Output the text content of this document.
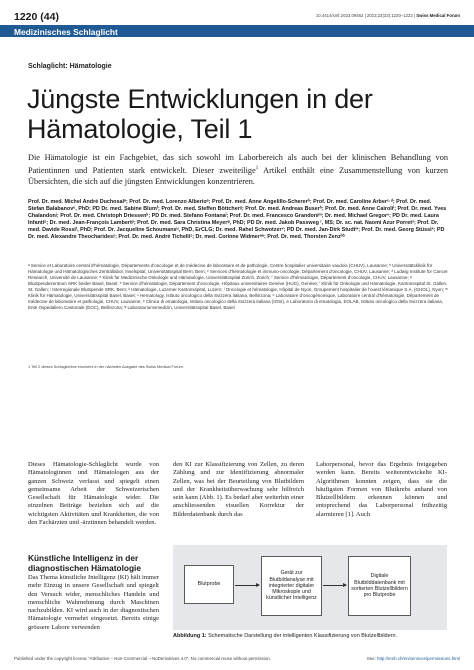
1220 (44)	10.4414/smf.2023.09462 | 2023;23(33):1220–1223 | Swiss Medical Forum
Medizinisches Schlaglicht
Schlaglicht: Hämatologie
Jüngste Entwicklungen in der Hämatologie, Teil 1

Die Hämatologie ist ein Fachgebiet, das sich sowohl im Laborbereich als auch bei der klinischen Behandlung von Patientinnen und Patienten stark entwickelt. Dieser zweiteilige$^1$ Artikel enthält eine Zusammenstellung von kurzen Übersichten, die sich auf die jüngsten Entwicklungen konzentrieren.

Prof. Dr. med. Michel André Duchosalᵃ; Prof. Dr. med. Lorenzo Alberioᵃ; Prof. Dr. med. Anne Angelillo-Schererᵇ; Prof. Dr. med. Caroline Arberᶜ·ᵈ; Prof. Dr. med. Stefan Balabanovᵉ, PhD; PD Dr. med. Sabine Blumᶠ; Prof. Dr. med. Steffen Böttcherᵍ; Prof. Dr. med. Andreas Buserʰ; Prof. Dr. med. Anne Cairoliⁱ; Prof. Dr. med. Yves Chalandonʲ; Prof. Dr. med. Christoph Driessenᵏ; PD Dr. med. Stefano Fontanaˡ; Prof. Dr. med. Francesco Grandoniᵐ; Dr. med. Michael Gregorⁿ; PD Dr. med. Laura Infantiᵒ; Dr. med. Jean-François Lambertᵖ; Prof. Dr. med. Sara Christina Meyerᵠ, PhD; PD Dr. med. Jakob Passweg ʳ, MS; Dr. sc. nat. Naomi Azur Porretˢ; Prof. Dr. med. Davide Rossiᵗ, PhD; Prof. Dr. Jacqueline Schoumansᵘ, PhD, ErCLG; Dr. med. Rahel Schwotzerᵛ; PD Dr. med. Jan-Dirk Studtʷ; Prof. Dr. med. Georg Stüssiˣ; PD Dr. med. Alexandre Theocharidesʸ; Prof. Dr. med. André Tichelliᶻ; Dr. med. Corinne Widmerᵃᵃ; Prof. Dr. med. Thorsten Zenzᵇᵇ

ᵃ Service et Laboratoire central d'hématologie, Départements d'oncologie et de médecine de laboratoire et de pathologie, Centre hospitalier universitaire vaudois (CHUV), Lausanne; ᵇ Universitätsklinik für Hämatologie und Hämatologisches Zentrallabor, Inselspital, Universitätsspital Bern, Bern; ᶜ Services d'hématologie et immuno-oncologie, Département d'oncologie, CHUV, Lausanne; ᵈ Ludwig Institute for Cancer Research, Université de Lausanne; ᵉ Klinik für Medizinische Onkologie und Hämatologie, Universitätsspital Zürich, Zürich; ᶠ Service d'hématologie, Département d'oncologie, CHUV, Lausanne; ᵍ Blutspendezentrum SRK beider Basel, Basel; ʰ Service d'hématologie, Département d'oncologie, Hôpitaux universitaires Genève (HUG), Genève; ⁱ Klinik für Onkologie und Hämatologie, Kantonsspital St. Gallen, St. Gallen; ʲ Interregionale Blutspende SRK, Bern; ᵏ Hämatologie, Luzerner Kantonsspital, Luzern; ˡ Oncologie et hématologie, Hôpital de Nyon, Groupement hospitalier de l'ouest lémanique S.A. (GHOL), Nyon; ᵐ Klinik für Hämatologie, Universitätsspital Basel, Basel; ⁿ Hematology, Istituto oncologico della Svizzera italiana, Bellinzona; ᵒ Laboratoire d'oncogénomique, Laboratoire central d'hématologie, Département de médecine de laboratoire et pathologie, CHUV, Lausanne; ᵖ Clinica di ematologia, Istituto oncologico della Svizzera italiana (IOSI), e Laboratorio di ematologia, EOLAB, Istituto oncologico della Svizzera italiana, Ente Ospedaliero Cantonale (EOC), Bellinzona; ᵠ Laboratoriumsmedizin, Universitätsspital Basel, Basel

1 Teil 2 dieses Schlaglichtes erscheint in der nächsten Ausgabe des Swiss Medical Forum.

Dieses Hämatologie-Schlaglicht wurde von Hämatologinnen und Hämatologen aus der ganzen Schweiz verfasst und spiegelt einen gemeinsame Arbeit der Schweizerischen Gesellschaft für Hämatologie wider. Die einzelnen Beiträge beziehen sich auf die wichtigsten Aktivitäten und Krankheiten, die von den Fachärzten und -ärztinnen behandelt werden.

Künstliche Intelligenz in der diagnostischen Hämatologie

Das Thema künstliche Intelligenz (KI) hält immer mehr Einzug in unsere Gesellschaft und spiegelt den Versuch wider, menschliches Handeln und menschliche Wahrnehmung durch Maschinen nachzubilden. KI wird auch in der diagnostischen Hämatologie vermehrt eingesetzt. Bereits einige grössere Labore verwenden

den KI zur Klassifizierung von Zellen, zu deren Zählung und zur Identifizierung abnormaler Zellen, was bei der Beurteilung von Blutbildern und der Krankheitsüberwachung sehr hilfreich sein kann (Abb. 1). Es bedarf aber weiterhin einer anschliessenden visuellen Korrektur der Bilderdatenbank durch das

Laborpersonal, bevor das Ergebnis freigegeben werden kann. Bereits weiterentwickelte KI-Algorithmen konnten zeigen, dass sie die häufigsten Formen von Blutkrebs anhand von Blutzellbildern erkennen können und entsprechend das Laborpersonal frühzeitig alarmieren [1]. Auch

Blutprobe
Gerät zur Blutbildanalyse mit integrierter digitaler Mikroskopie und künstlicher Intelligenz
Digitale Blutbilddatenbank mit sortierten Blutzellbildern pro Blutprobe

Abbildung 1: Schematische Darstellung der intelligenten Klassifizierung von Blutzellbildern.

Published under the copyright license “Attribution – Non-Commercial – NoDerivatives 4.0”. No commercial reuse without permission.	See: http://emh.ch/en/services/permissions.html
